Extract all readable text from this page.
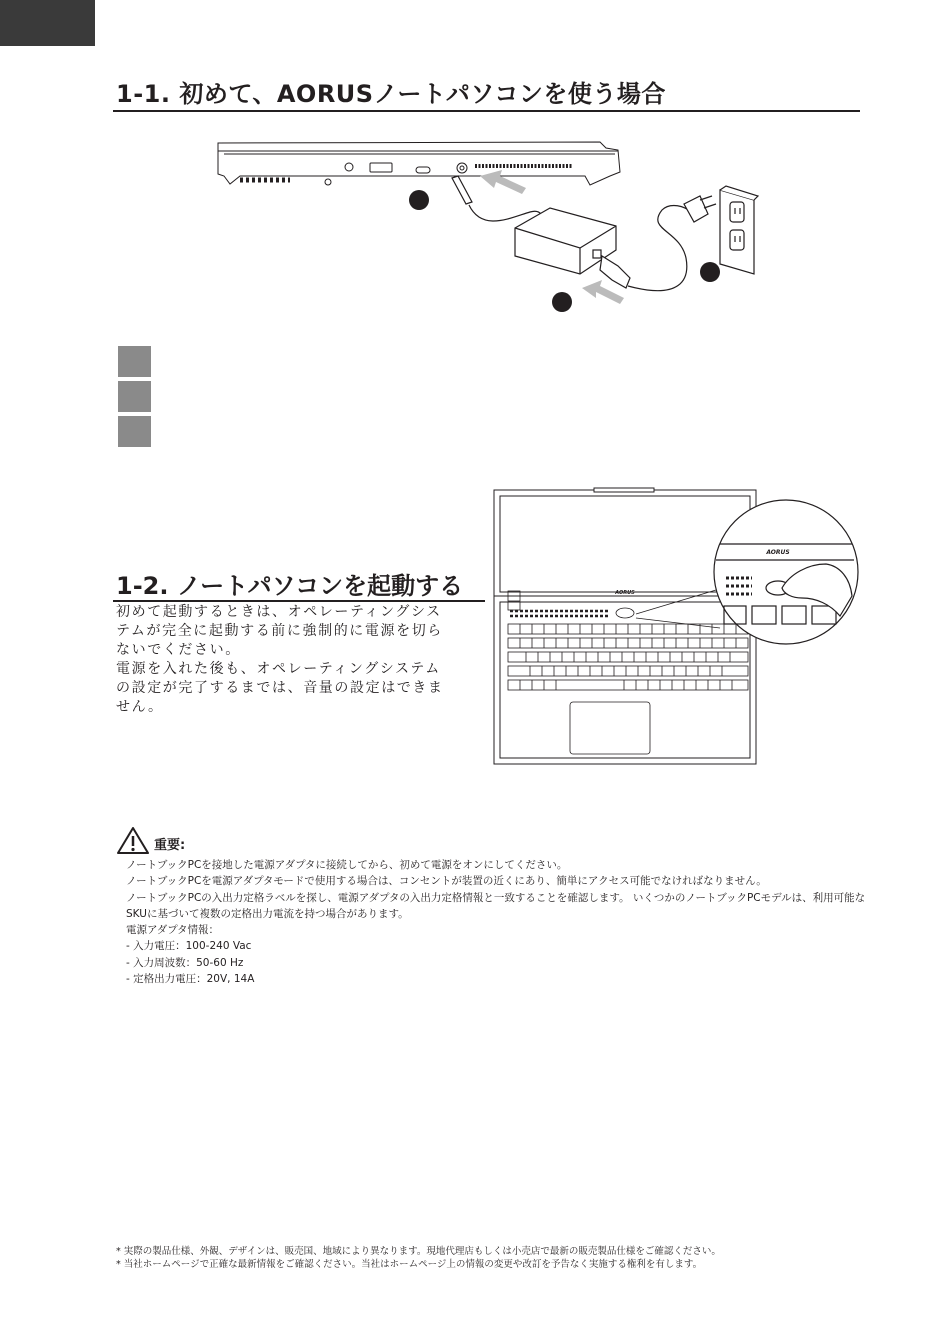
1-1. 初めて、AORUSノートパソコンを使う場合
1-2. ノートパソコンを起動する

初めて起動するときは、オペレーティングシステムが完全に起動する前に強制的に電源を切らないでください。

電源を入れた後も、オペレーティングシステムの設定が完了するまでは、音量の設定はできません。

AORUS
AORUS
重要:

ノートブックPCを接地した電源アダプタに接続してから、初めて電源をオンにしてください。

ノートブックPCを電源アダプタモードで使用する場合は、コンセントが装置の近くにあり、簡単にアクセス可能でなければなりません。

ノートブックPCの入出力定格ラベルを探し、電源アダプタの入出力定格情報と一致することを確認します。 いくつかのノートブックPCモデルは、利用可能なSKUに基づいて複数の定格出力電流を持つ場合があります。

電源アダプタ情報：

- 入力電圧：100-240 Vac
- 入力周波数：50-60 Hz
- 定格出力電圧：20V, 14A

* 実際の製品仕様、外観、デザインは、販売国、地域により異なります。現地代理店もしくは小売店で最新の販売製品仕様をご確認ください。

* 当社ホームページで正確な最新情報をご確認ください。当社はホームページ上の情報の変更や改訂を予告なく実施する権利を有します。
